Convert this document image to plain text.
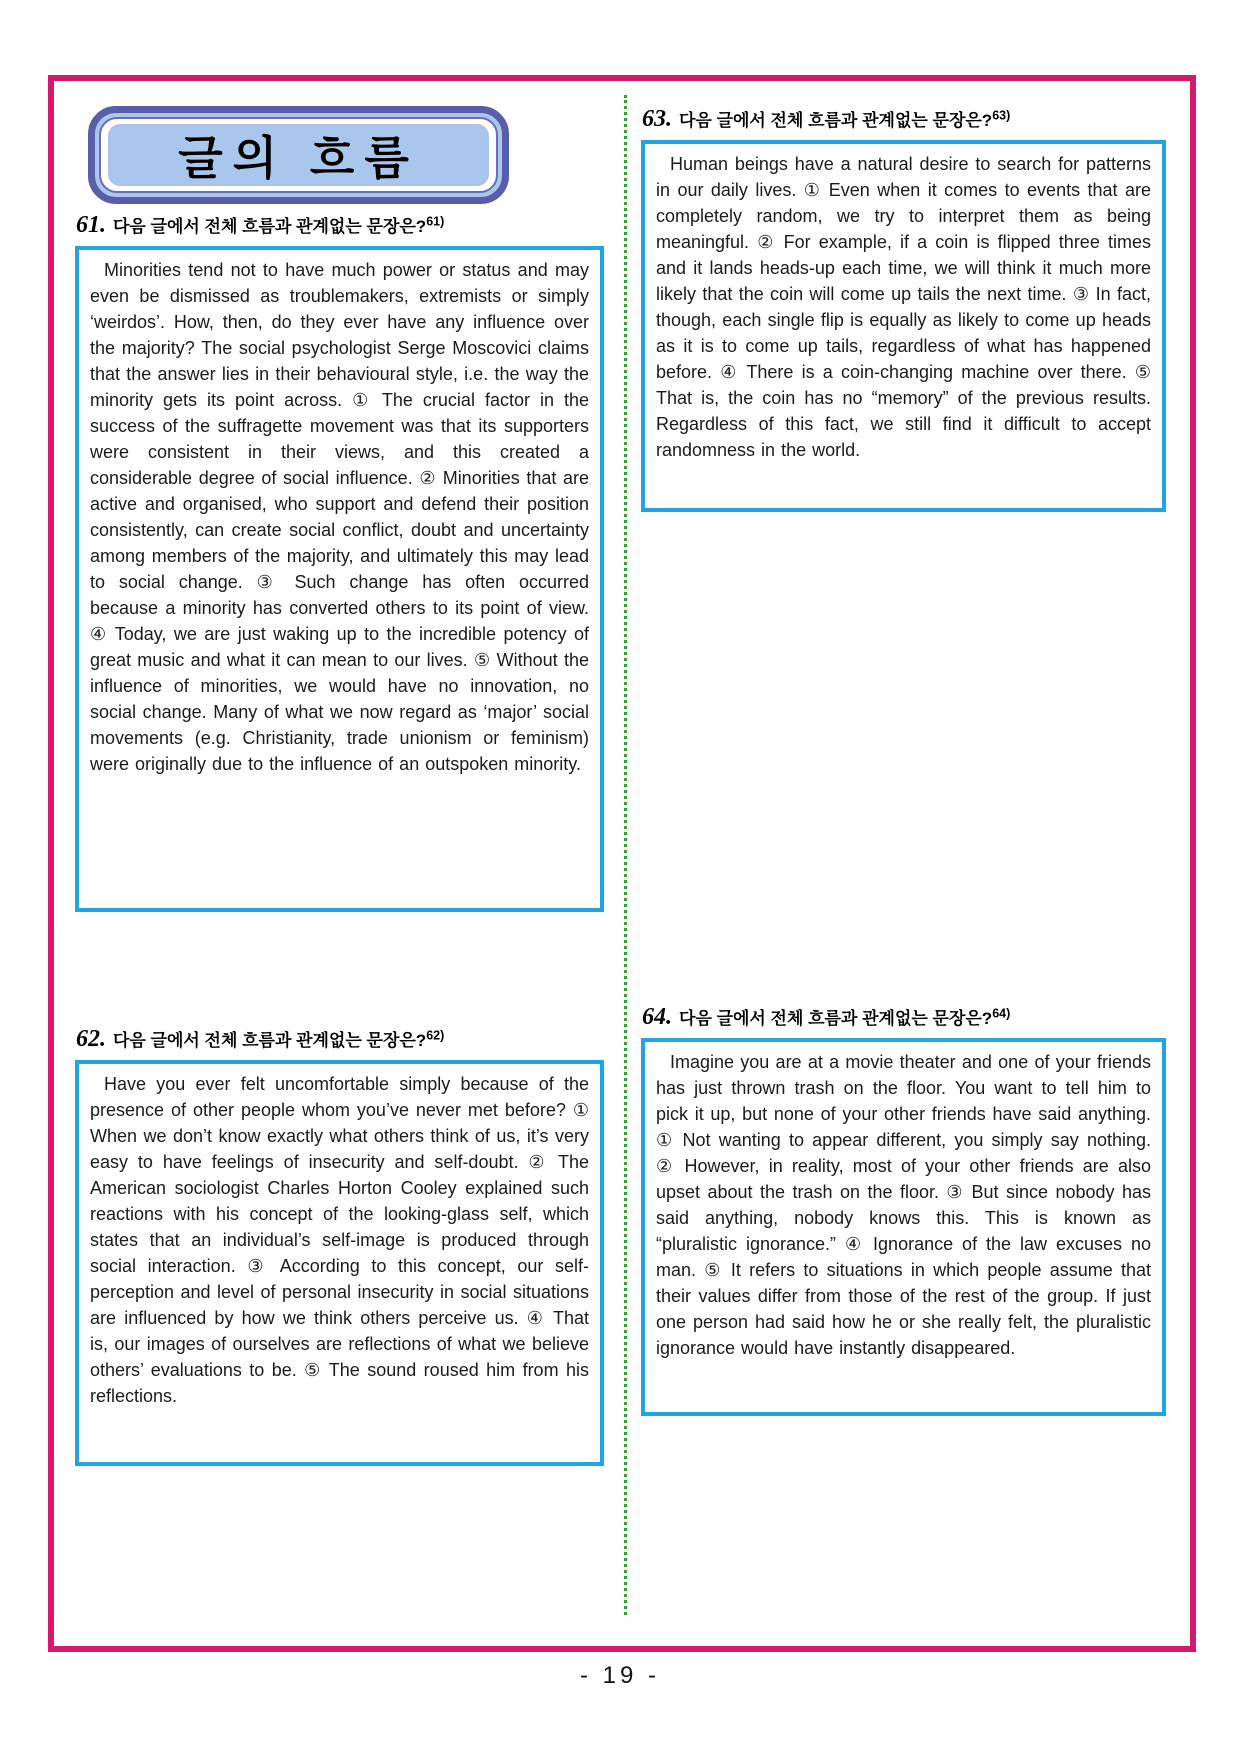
글의 흐름
61. 다음 글에서 전체 흐름과 관계없는 문장은?$^{61)}$

Minorities tend not to have much power or status and may even be dismissed as troublemakers, extremists or simply ‘weirdos’. How, then, do they ever have any influence over the majority? The social psychologist Serge Moscovici claims that the answer lies in their behavioural style, i.e. the way the minority gets its point across. ① The crucial factor in the success of the suffragette movement was that its supporters were consistent in their views, and this created a considerable degree of social influence. ② Minorities that are active and organised, who support and defend their position consistently, can create social conflict, doubt and uncertainty among members of the majority, and ultimately this may lead to social change. ③ Such change has often occurred because a minority has converted others to its point of view. ④ Today, we are just waking up to the incredible potency of great music and what it can mean to our lives. ⑤ Without the influence of minorities, we would have no innovation, no social change. Many of what we now regard as ‘major’ social movements (e.g. Christianity, trade unionism or feminism) were originally due to the influence of an outspoken minority.

62. 다음 글에서 전체 흐름과 관계없는 문장은?$^{62)}$

Have you ever felt uncomfortable simply because of the presence of other people whom you’ve never met before? ① When we don’t know exactly what others think of us, it’s very easy to have feelings of insecurity and self-doubt. ② The American sociologist Charles Horton Cooley explained such reactions with his concept of the looking-glass self, which states that an individual’s self-image is produced through social interaction. ③ According to this concept, our self-perception and level of personal insecurity in social situations are influenced by how we think others perceive us. ④ That is, our images of ourselves are reflections of what we believe others’ evaluations to be. ⑤ The sound roused him from his reflections.

63. 다음 글에서 전체 흐름과 관계없는 문장은?$^{63)}$

Human beings have a natural desire to search for patterns in our daily lives. ① Even when it comes to events that are completely random, we try to interpret them as being meaningful. ② For example, if a coin is flipped three times and it lands heads-up each time, we will think it much more likely that the coin will come up tails the next time. ③ In fact, though, each single flip is equally as likely to come up heads as it is to come up tails, regardless of what has happened before. ④ There is a coin-changing machine over there. ⑤ That is, the coin has no “memory” of the previous results. Regardless of this fact, we still find it difficult to accept randomness in the world.

64. 다음 글에서 전체 흐름과 관계없는 문장은?$^{64)}$

Imagine you are at a movie theater and one of your friends has just thrown trash on the floor. You want to tell him to pick it up, but none of your other friends have said anything. ① Not wanting to appear different, you simply say nothing. ② However, in reality, most of your other friends are also upset about the trash on the floor. ③ But since nobody has said anything, nobody knows this. This is known as “pluralistic ignorance.” ④ Ignorance of the law excuses no man. ⑤ It refers to situations in which people assume that their values differ from those of the rest of the group. If just one person had said how he or she really felt, the pluralistic ignorance would have instantly disappeared.

- 19 -
